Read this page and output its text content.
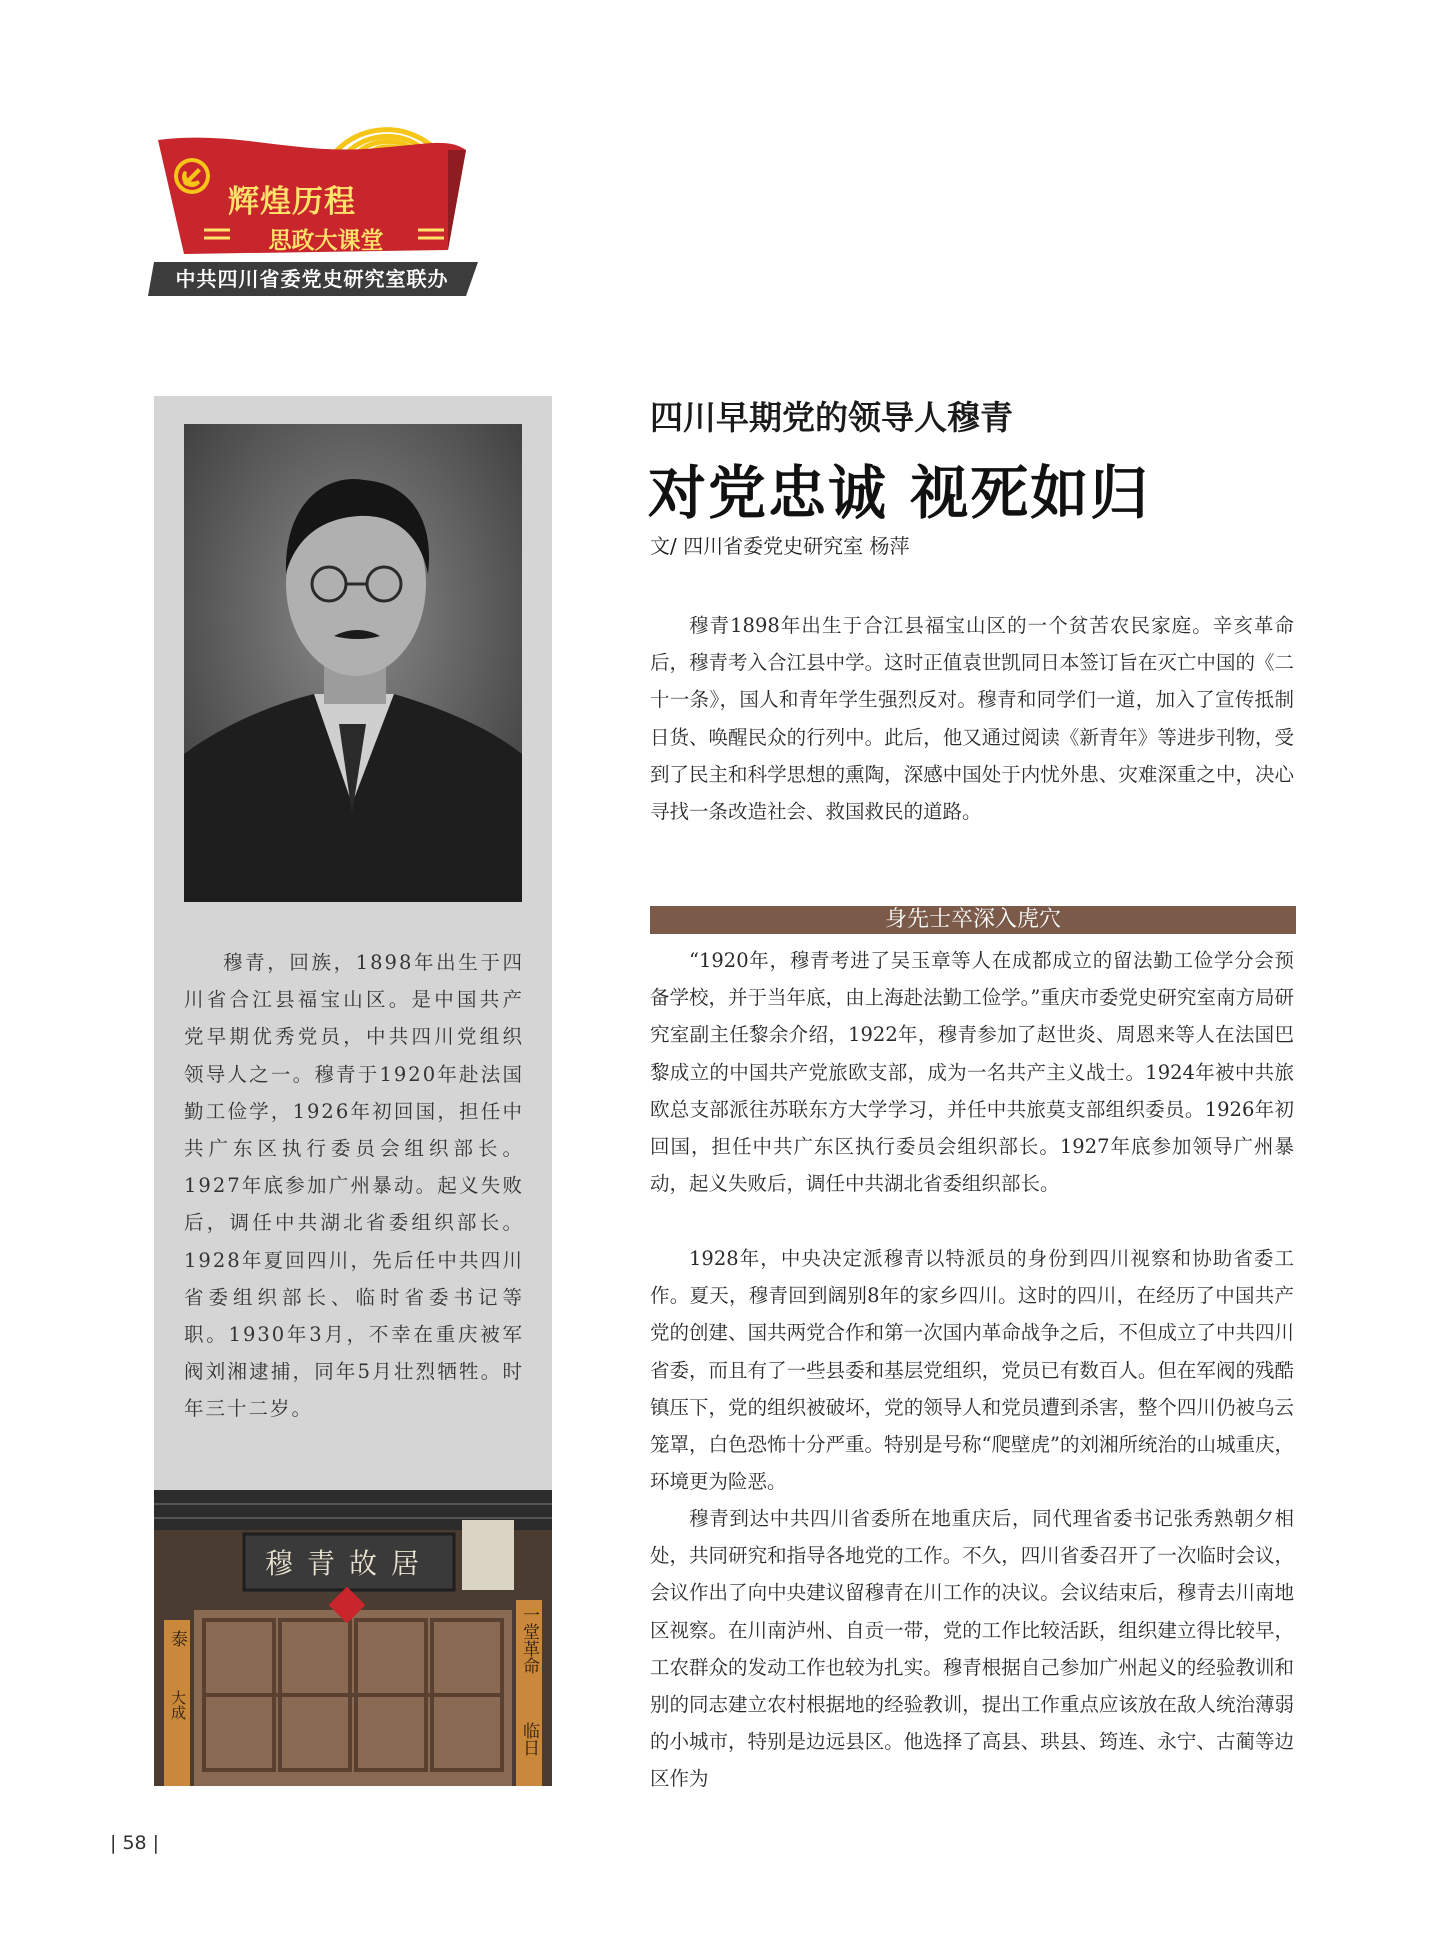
辉煌历程
思政大课堂
中共四川省委党史研究室联办
穆青，回族，1898年出生于四川省合江县福宝山区。是中国共产党早期优秀党员，中共四川党组织领导人之一。穆青于1920年赴法国勤工俭学，1926年初回国，担任中共广东区执行委员会组织部长。1927年底参加广州暴动。起义失败后，调任中共湖北省委组织部长。1928年夏回四川，先后任中共四川省委组织部长、临时省委书记等职。1930年3月，不幸在重庆被军阀刘湘逮捕，同年5月壮烈牺牲。时年三十二岁。
穆青故居
一堂革命
临日
泰
大成
四川早期党的领导人穆青
对党忠诚 视死如归
文/ 四川省委党史研究室 杨萍

穆青1898年出生于合江县福宝山区的一个贫苦农民家庭。辛亥革命后，穆青考入合江县中学。这时正值袁世凯同日本签订旨在灭亡中国的《二十一条》，国人和青年学生强烈反对。穆青和同学们一道，加入了宣传抵制日货、唤醒民众的行列中。此后，他又通过阅读《新青年》等进步刊物，受到了民主和科学思想的熏陶，深感中国处于内忧外患、灾难深重之中，决心寻找一条改造社会、救国救民的道路。

身先士卒深入虎穴

“1920年，穆青考进了吴玉章等人在成都成立的留法勤工俭学分会预备学校，并于当年底，由上海赴法勤工俭学。”重庆市委党史研究室南方局研究室副主任黎余介绍，1922年，穆青参加了赵世炎、周恩来等人在法国巴黎成立的中国共产党旅欧支部，成为一名共产主义战士。1924年被中共旅欧总支部派往苏联东方大学学习，并任中共旅莫支部组织委员。1926年初回国，担任中共广东区执行委员会组织部长。1927年底参加领导广州暴动，起义失败后，调任中共湖北省委组织部长。

1928年，中央决定派穆青以特派员的身份到四川视察和协助省委工作。夏天，穆青回到阔别8年的家乡四川。这时的四川，在经历了中国共产党的创建、国共两党合作和第一次国内革命战争之后，不但成立了中共四川省委，而且有了一些县委和基层党组织，党员已有数百人。但在军阀的残酷镇压下，党的组织被破坏，党的领导人和党员遭到杀害，整个四川仍被乌云笼罩，白色恐怖十分严重。特别是号称“爬壁虎”的刘湘所统治的山城重庆，环境更为险恶。

穆青到达中共四川省委所在地重庆后，同代理省委书记张秀熟朝夕相处，共同研究和指导各地党的工作。不久，四川省委召开了一次临时会议，会议作出了向中央建议留穆青在川工作的决议。会议结束后，穆青去川南地区视察。在川南泸州、自贡一带，党的工作比较活跃，组织建立得比较早，工农群众的发动工作也较为扎实。穆青根据自己参加广州起义的经验教训和别的同志建立农村根据地的经验教训，提出工作重点应该放在敌人统治薄弱的小城市，特别是边远县区。他选择了高县、珙县、筠连、永宁、古蔺等边区作为

| 58 |
